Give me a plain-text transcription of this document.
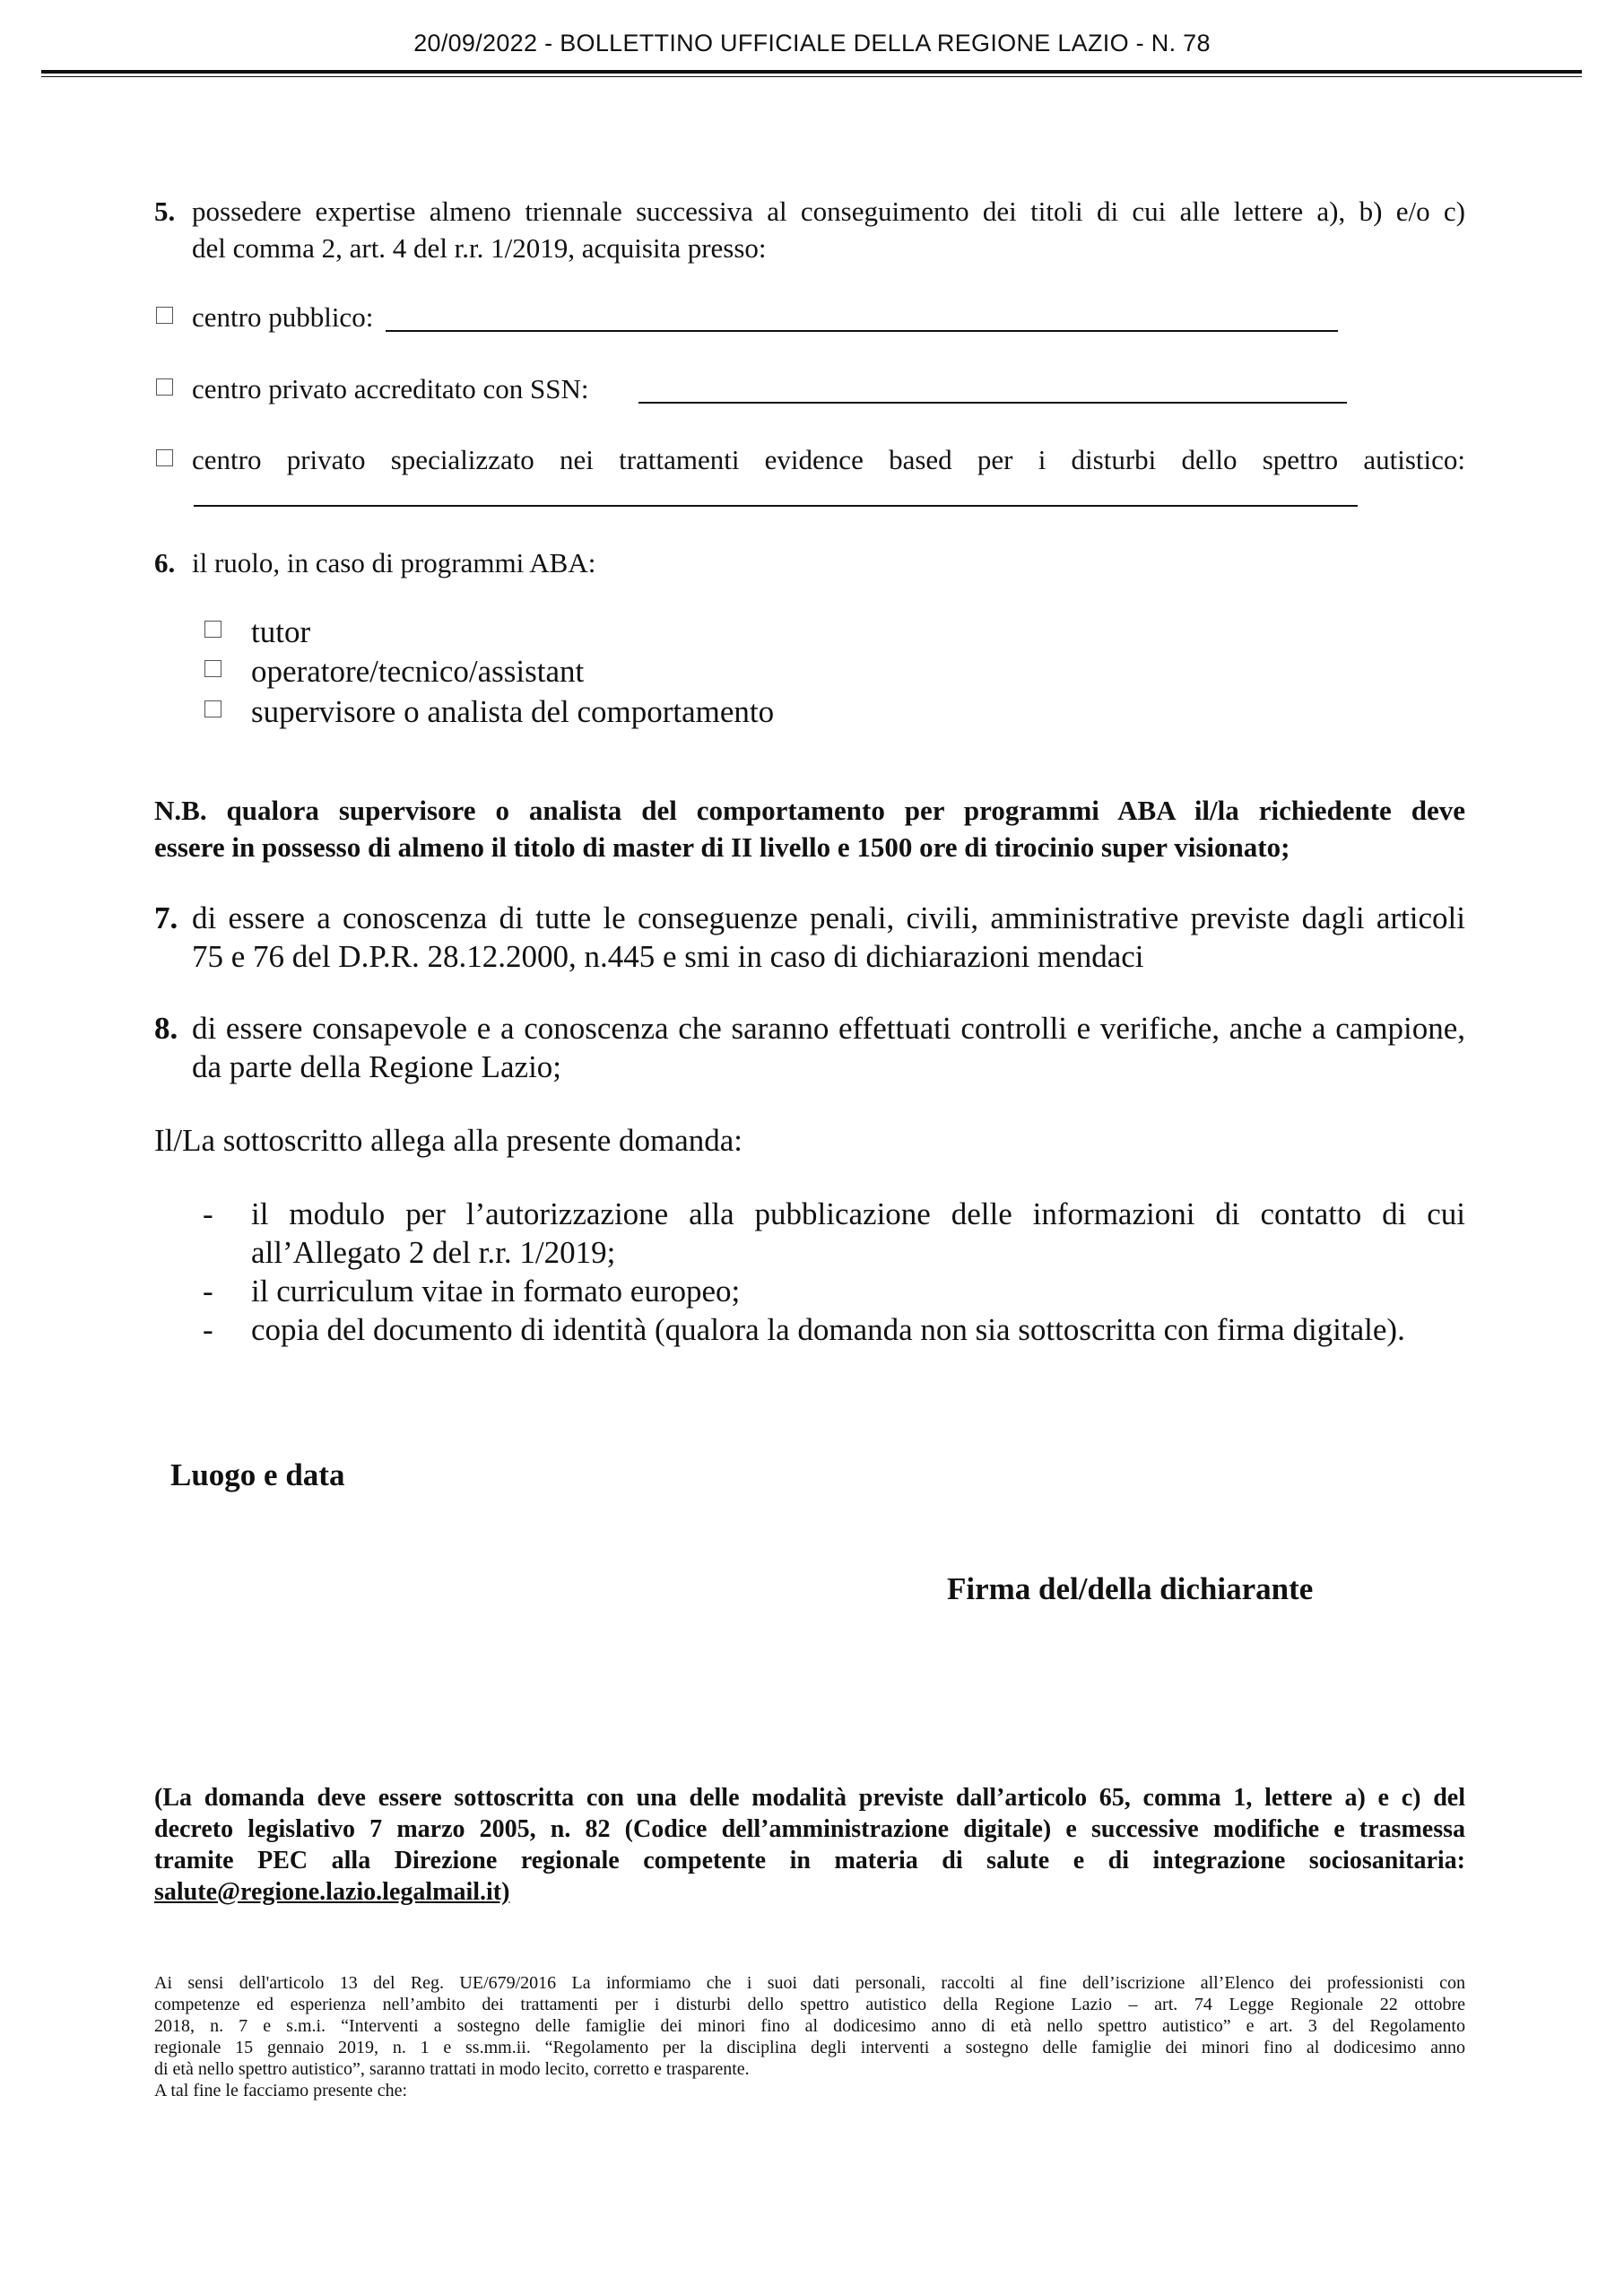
20/09/2022 - BOLLETTINO UFFICIALE DELLA REGIONE LAZIO - N. 78
5. possedere expertise almeno triennale successiva al conseguimento dei titoli di cui alle lettere a), b) e/o c)
del comma 2, art. 4 del r.r. 1/2019, acquisita presso:
centro pubblico:
centro privato accreditato con SSN:
centro privato specializzato nei trattamenti evidence based per i disturbi dello spettro autistico:
6. il ruolo, in caso di programmi ABA:
tutor
operatore/tecnico/assistant
supervisore o analista del comportamento
N.B. qualora supervisore o analista del comportamento per programmi ABA il/la richiedente deve
essere in possesso di almeno il titolo di master di II livello e 1500 ore di tirocinio super visionato;
7. di essere a conoscenza di tutte le conseguenze penali, civili, amministrative previste dagli articoli
75 e 76 del D.P.R. 28.12.2000, n.445 e smi in caso di dichiarazioni mendaci
8. di essere consapevole e a conoscenza che saranno effettuati controlli e verifiche, anche a campione,
da parte della Regione Lazio;
Il/La sottoscritto allega alla presente domanda:
- il modulo per l’autorizzazione alla pubblicazione delle informazioni di contatto di cui
all’Allegato 2 del r.r. 1/2019;
- il curriculum vitae in formato europeo;
- copia del documento di identità (qualora la domanda non sia sottoscritta con firma digitale).
Luogo e data
Firma del/della dichiarante
(La domanda deve essere sottoscritta con una delle modalità previste dall’articolo 65, comma 1, lettere a) e c) del
decreto legislativo 7 marzo 2005, n. 82 (Codice dell’amministrazione digitale) e successive modifiche e trasmessa
tramite PEC alla Direzione regionale competente in materia di salute e di integrazione sociosanitaria:
salute@regione.lazio.legalmail.it)
Ai sensi dell'articolo 13 del Reg. UE/679/2016 La informiamo che i suoi dati personali, raccolti al fine dell’iscrizione all’Elenco dei professionisti con
competenze ed esperienza nell’ambito dei trattamenti per i disturbi dello spettro autistico della Regione Lazio – art. 74 Legge Regionale 22 ottobre
2018, n. 7 e s.m.i. “Interventi a sostegno delle famiglie dei minori fino al dodicesimo anno di età nello spettro autistico” e art. 3 del Regolamento
regionale 15 gennaio 2019, n. 1 e ss.mm.ii. “Regolamento per la disciplina degli interventi a sostegno delle famiglie dei minori fino al dodicesimo anno
di età nello spettro autistico”, saranno trattati in modo lecito, corretto e trasparente.
A tal fine le facciamo presente che:
